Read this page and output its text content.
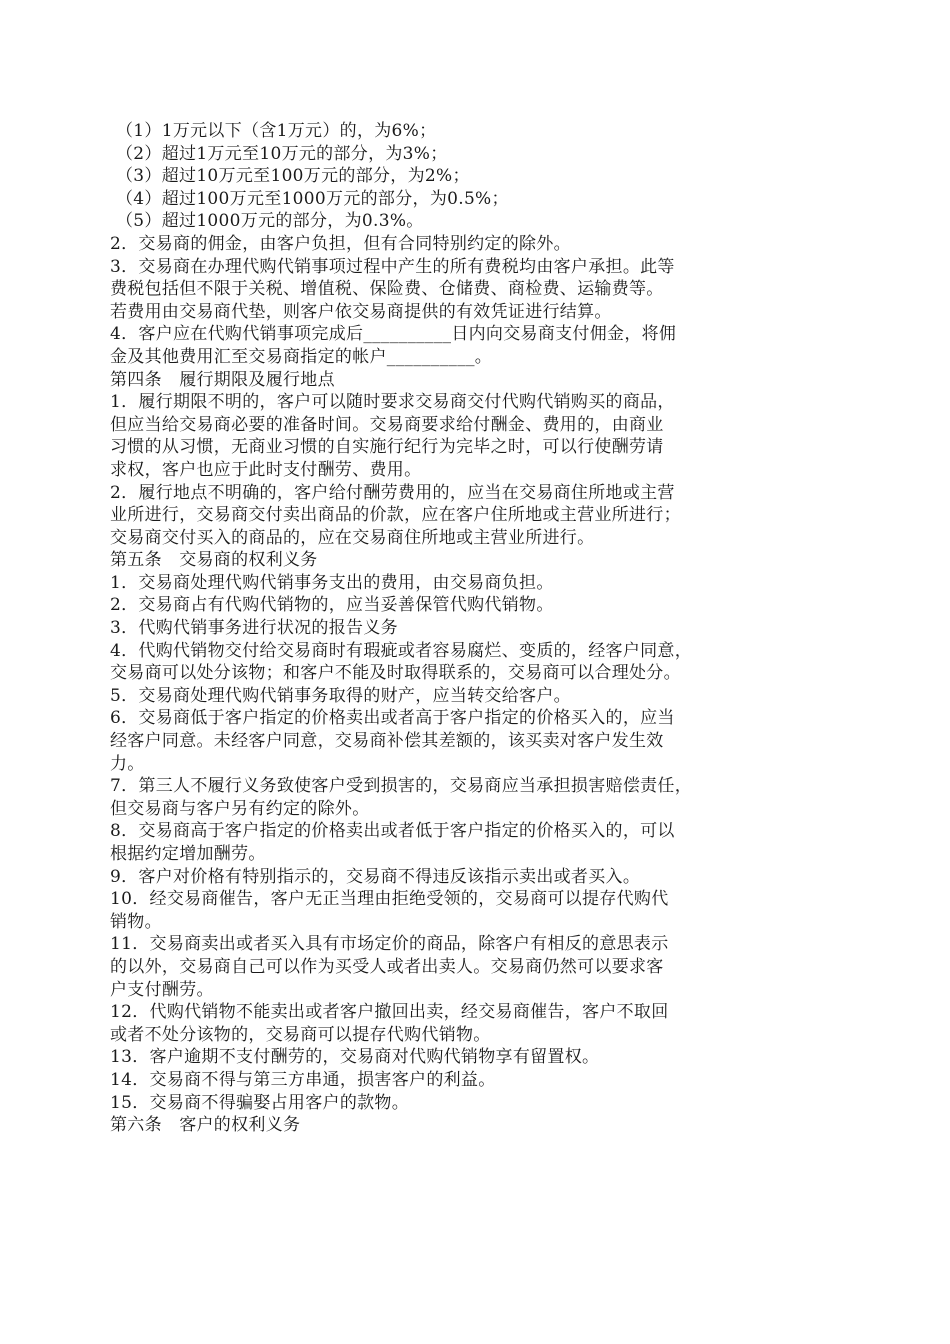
（1）1万元以下（含1万元）的，为6%；
（2）超过1万元至10万元的部分，为3%；
（3）超过10万元至100万元的部分，为2%；
（4）超过100万元至1000万元的部分，为0.5%；
（5）超过1000万元的部分，为0.3%。
2．交易商的佣金，由客户负担，但有合同特别约定的除外。
3．交易商在办理代购代销事项过程中产生的所有费税均由客户承担。此等
费税包括但不限于关税、增值税、保险费、仓储费、商检费、运输费等。
若费用由交易商代垫，则客户依交易商提供的有效凭证进行结算。
4．客户应在代购代销事项完成后__________日内向交易商支付佣金，将佣
金及其他费用汇至交易商指定的帐户__________。
第四条　履行期限及履行地点
1．履行期限不明的，客户可以随时要求交易商交付代购代销购买的商品，
但应当给交易商必要的准备时间。交易商要求给付酬金、费用的，由商业
习惯的从习惯，无商业习惯的自实施行纪行为完毕之时，可以行使酬劳请
求权，客户也应于此时支付酬劳、费用。
2．履行地点不明确的，客户给付酬劳费用的，应当在交易商住所地或主营
业所进行，交易商交付卖出商品的价款，应在客户住所地或主营业所进行；
交易商交付买入的商品的，应在交易商住所地或主营业所进行。
第五条　交易商的权利义务
1．交易商处理代购代销事务支出的费用，由交易商负担。
2．交易商占有代购代销物的，应当妥善保管代购代销物。
3．代购代销事务进行状况的报告义务
4．代购代销物交付给交易商时有瑕疵或者容易腐烂、变质的，经客户同意，
交易商可以处分该物；和客户不能及时取得联系的，交易商可以合理处分。
5．交易商处理代购代销事务取得的财产，应当转交给客户。
6．交易商低于客户指定的价格卖出或者高于客户指定的价格买入的，应当
经客户同意。未经客户同意，交易商补偿其差额的，该买卖对客户发生效
力。
7．第三人不履行义务致使客户受到损害的，交易商应当承担损害赔偿责任，
但交易商与客户另有约定的除外。
8．交易商高于客户指定的价格卖出或者低于客户指定的价格买入的，可以
根据约定增加酬劳。
9．客户对价格有特别指示的，交易商不得违反该指示卖出或者买入。
10．经交易商催告，客户无正当理由拒绝受领的，交易商可以提存代购代
销物。
11．交易商卖出或者买入具有市场定价的商品，除客户有相反的意思表示
的以外，交易商自己可以作为买受人或者出卖人。交易商仍然可以要求客
户支付酬劳。
12．代购代销物不能卖出或者客户撤回出卖，经交易商催告，客户不取回
或者不处分该物的，交易商可以提存代购代销物。
13．客户逾期不支付酬劳的，交易商对代购代销物享有留置权。
14．交易商不得与第三方串通，损害客户的利益。
15．交易商不得骗娶占用客户的款物。
第六条　客户的权利义务
